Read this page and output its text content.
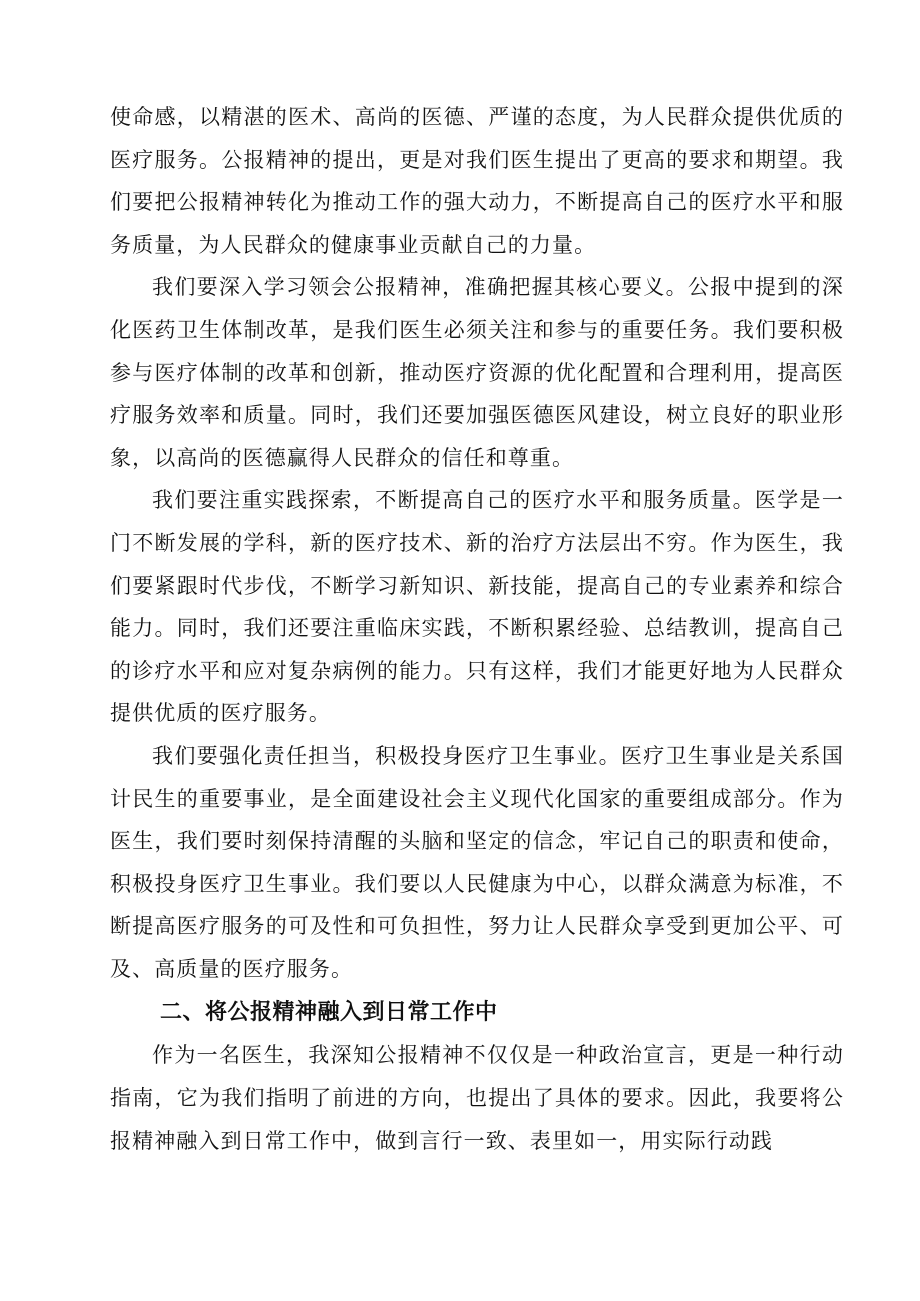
使命感，以精湛的医术、高尚的医德、严谨的态度，为人民群众提供优质的医疗服务。公报精神的提出，更是对我们医生提出了更高的要求和期望。我们要把公报精神转化为推动工作的强大动力，不断提高自己的医疗水平和服务质量，为人民群众的健康事业贡献自己的力量。

我们要深入学习领会公报精神，准确把握其核心要义。公报中提到的深化医药卫生体制改革，是我们医生必须关注和参与的重要任务。我们要积极参与医疗体制的改革和创新，推动医疗资源的优化配置和合理利用，提高医疗服务效率和质量。同时，我们还要加强医德医风建设，树立良好的职业形象，以高尚的医德赢得人民群众的信任和尊重。

我们要注重实践探索，不断提高自己的医疗水平和服务质量。医学是一门不断发展的学科，新的医疗技术、新的治疗方法层出不穷。作为医生，我们要紧跟时代步伐，不断学习新知识、新技能，提高自己的专业素养和综合能力。同时，我们还要注重临床实践，不断积累经验、总结教训，提高自己的诊疗水平和应对复杂病例的能力。只有这样，我们才能更好地为人民群众提供优质的医疗服务。

我们要强化责任担当，积极投身医疗卫生事业。医疗卫生事业是关系国计民生的重要事业，是全面建设社会主义现代化国家的重要组成部分。作为医生，我们要时刻保持清醒的头脑和坚定的信念，牢记自己的职责和使命，积极投身医疗卫生事业。我们要以人民健康为中心，以群众满意为标准，不断提高医疗服务的可及性和可负担性，努力让人民群众享受到更加公平、可及、高质量的医疗服务。

二、将公报精神融入到日常工作中

作为一名医生，我深知公报精神不仅仅是一种政治宣言，更是一种行动指南，它为我们指明了前进的方向，也提出了具体的要求。因此，我要将公报精神融入到日常工作中，做到言行一致、表里如一，用实际行动践
